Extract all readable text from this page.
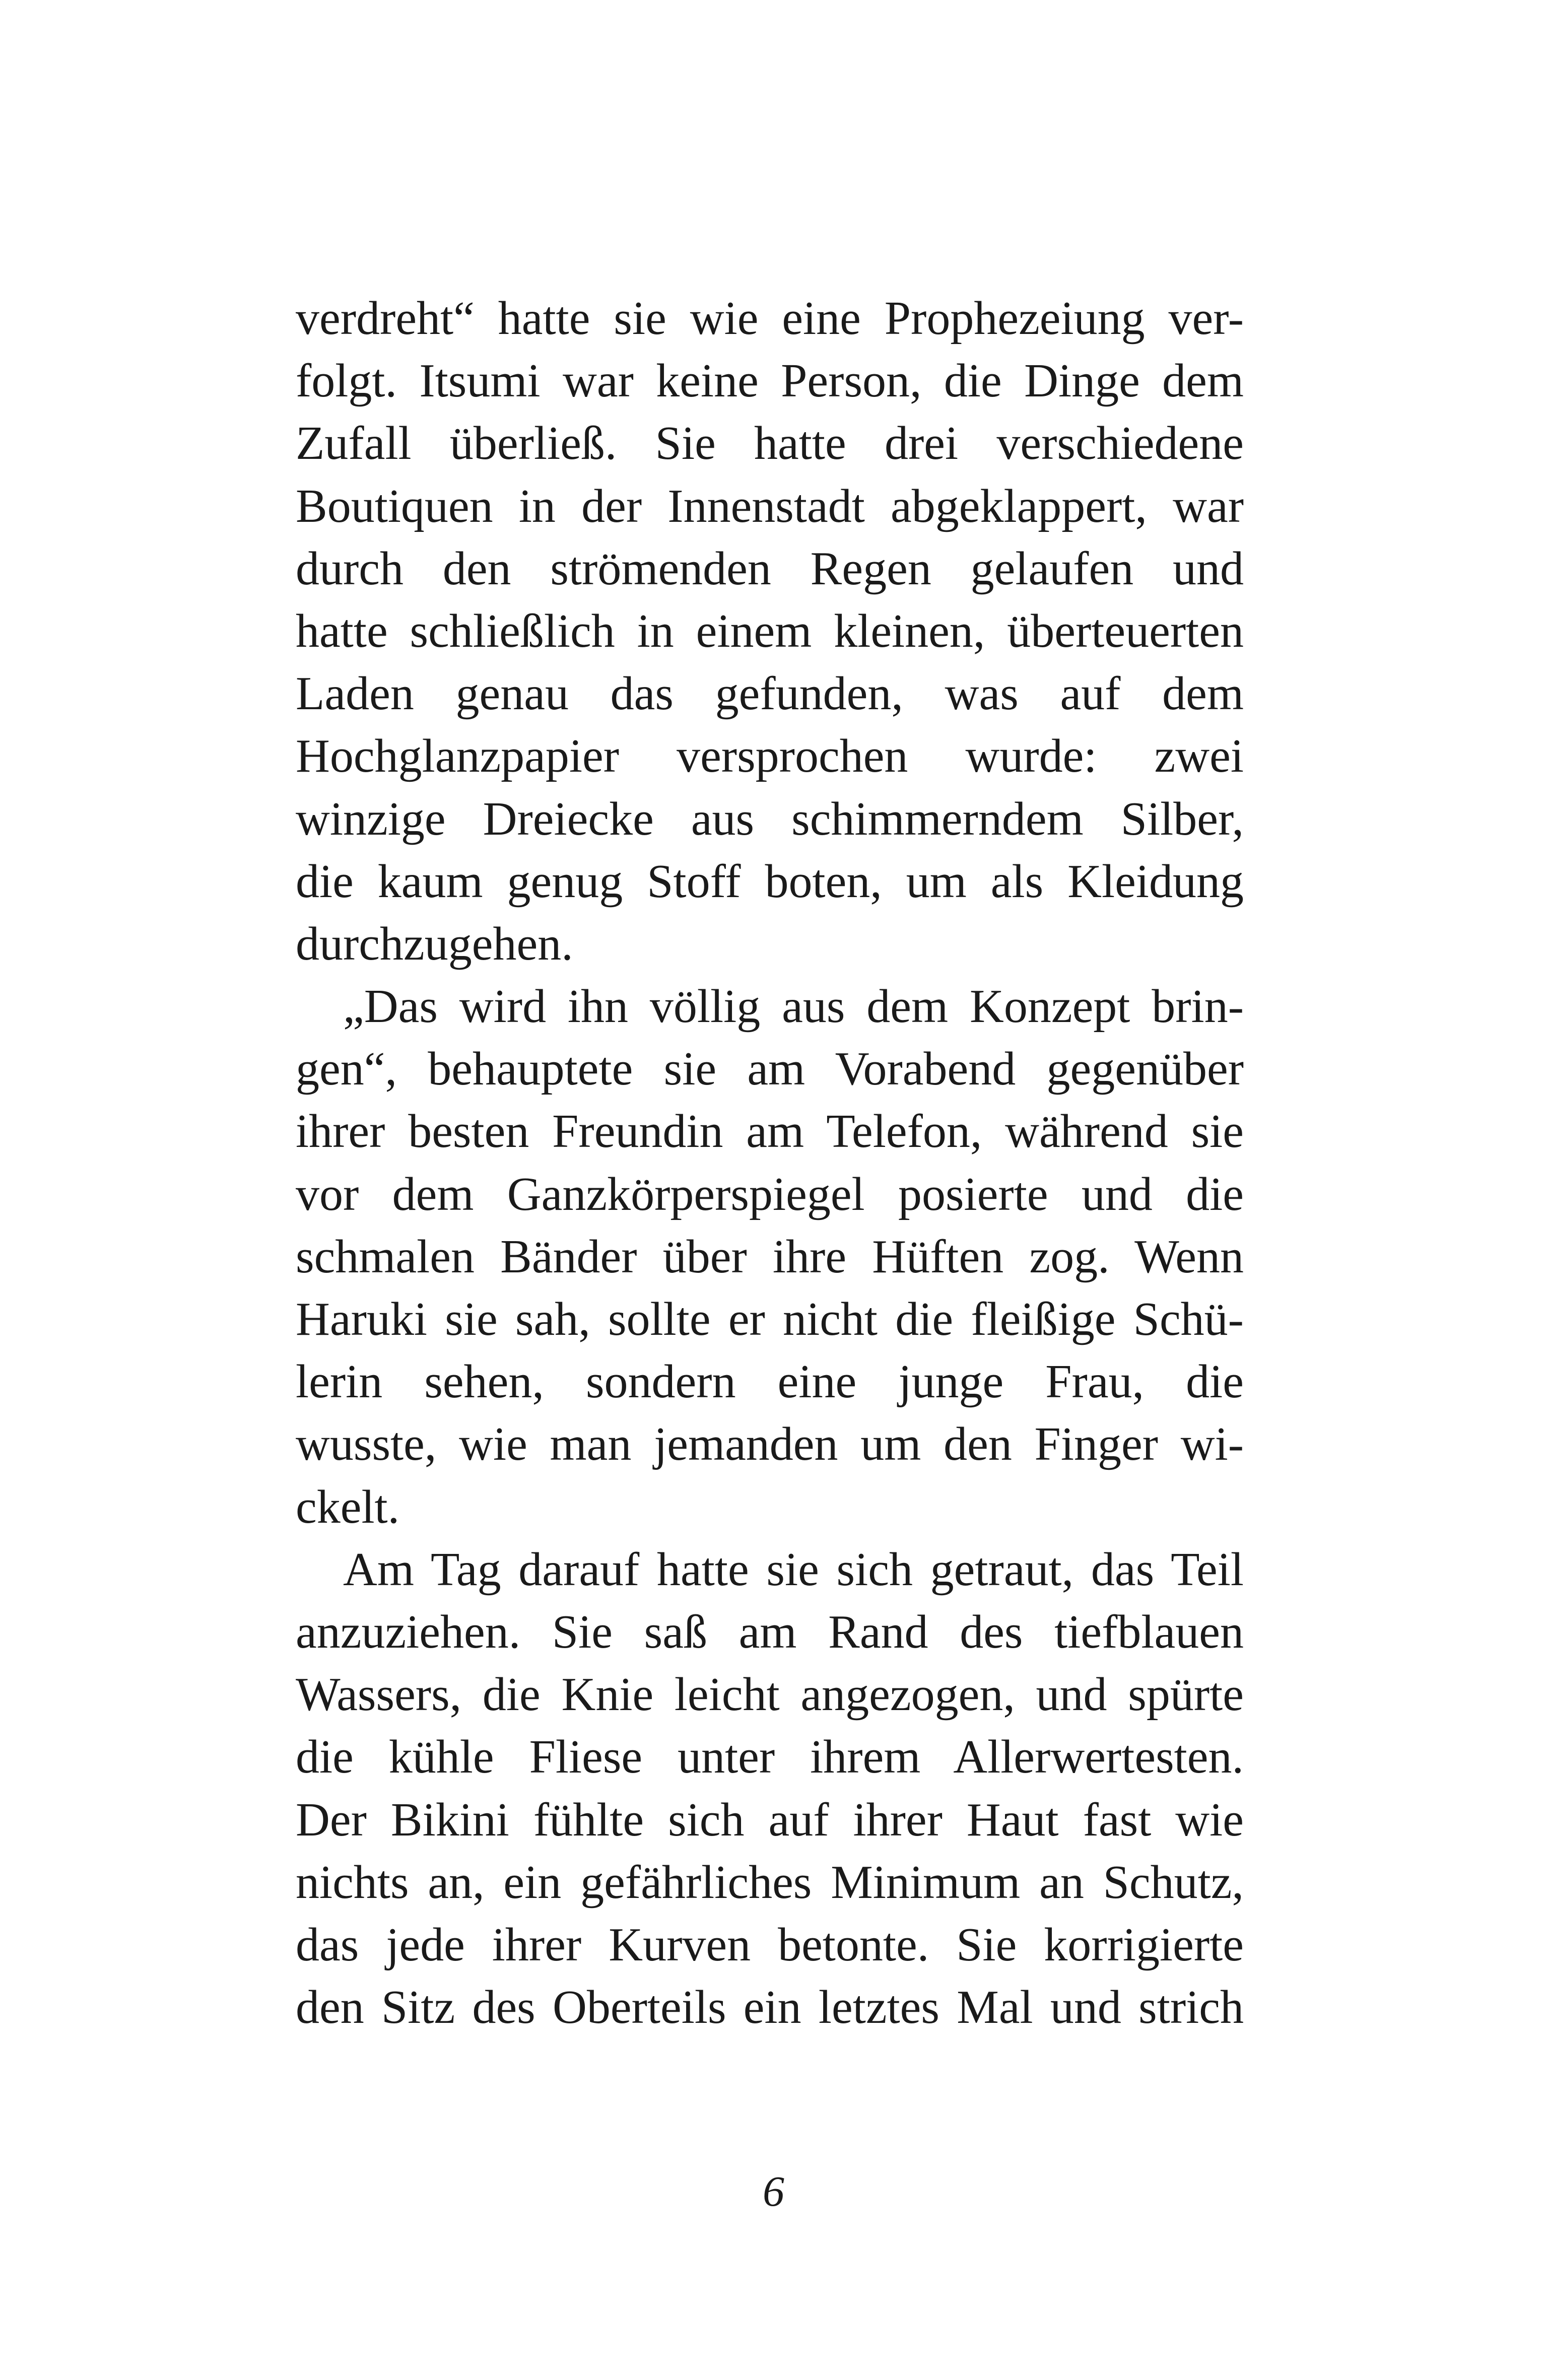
verdreht“ hatte sie wie eine Prophezeiung ver-
folgt. Itsumi war keine Person, die Dinge dem
Zufall überließ. Sie hatte drei verschiedene
Boutiquen in der Innenstadt abgeklappert, war
durch den strömenden Regen gelaufen und
hatte schließlich in einem kleinen, überteuerten
Laden genau das gefunden, was auf dem
Hochglanzpapier versprochen wurde: zwei
winzige Dreiecke aus schimmerndem Silber,
die kaum genug Stoff boten, um als Kleidung
durchzugehen.
„Das wird ihn völlig aus dem Konzept brin-
gen“, behauptete sie am Vorabend gegenüber
ihrer besten Freundin am Telefon, während sie
vor dem Ganzkörperspiegel posierte und die
schmalen Bänder über ihre Hüften zog. Wenn
Haruki sie sah, sollte er nicht die fleißige Schü-
lerin sehen, sondern eine junge Frau, die
wusste, wie man jemanden um den Finger wi-
ckelt.
Am Tag darauf hatte sie sich getraut, das Teil
anzuziehen. Sie saß am Rand des tiefblauen
Wassers, die Knie leicht angezogen, und spürte
die kühle Fliese unter ihrem Allerwertesten.
Der Bikini fühlte sich auf ihrer Haut fast wie
nichts an, ein gefährliches Minimum an Schutz,
das jede ihrer Kurven betonte. Sie korrigierte
den Sitz des Oberteils ein letztes Mal und strich
6
